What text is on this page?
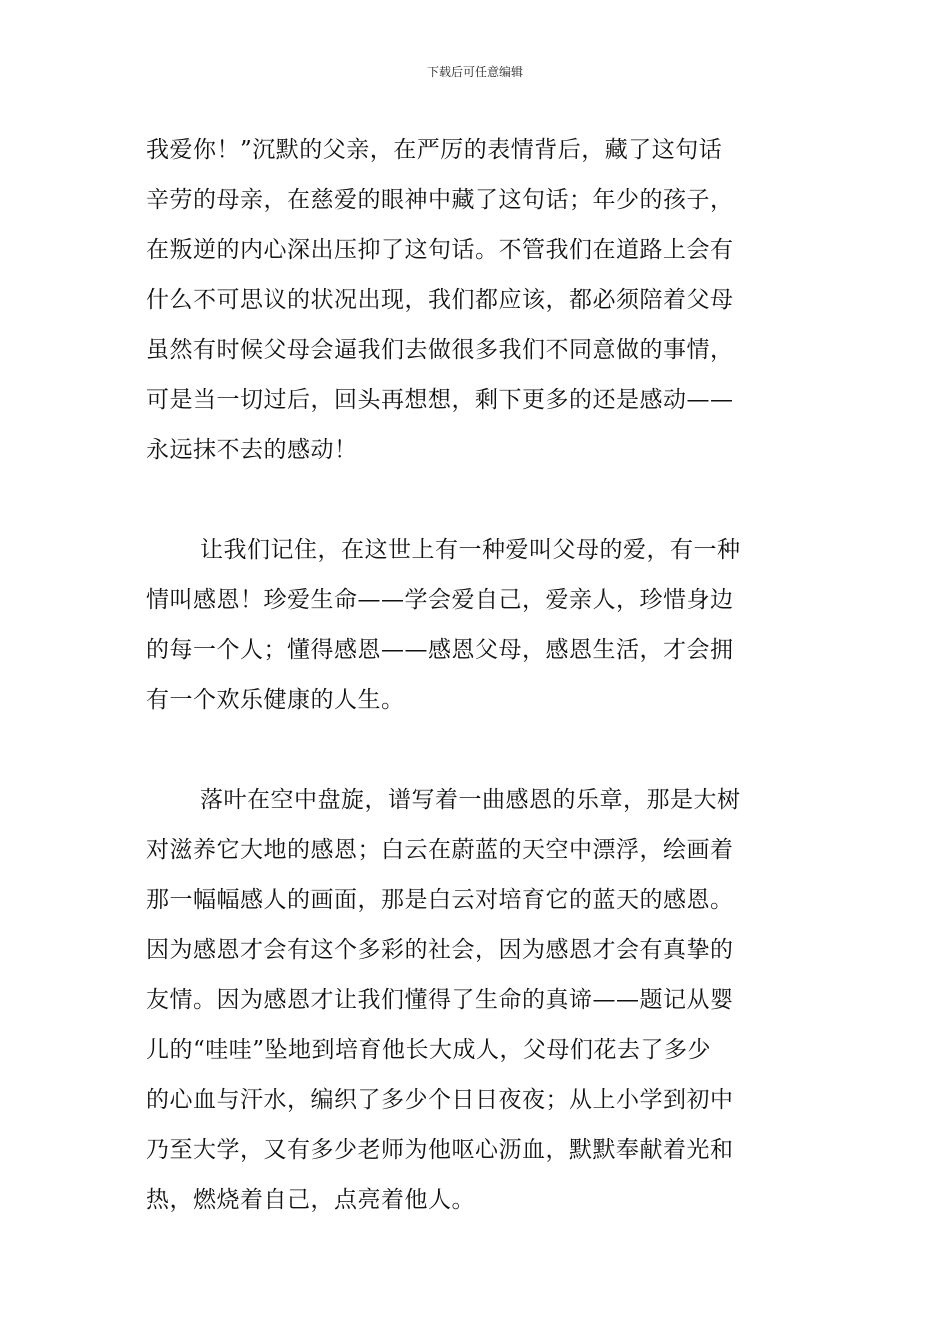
下载后可任意编辑
我爱你！”沉默的父亲，在严厉的表情背后，藏了这句话
辛劳的母亲，在慈爱的眼神中藏了这句话；年少的孩子，
在叛逆的内心深出压抑了这句话。不管我们在道路上会有
什么不可思议的状况出现，我们都应该，都必须陪着父母
虽然有时候父母会逼我们去做很多我们不同意做的事情，
可是当一切过后，回头再想想，剩下更多的还是感动——
永远抹不去的感动！
让我们记住，在这世上有一种爱叫父母的爱，有一种
情叫感恩！珍爱生命——学会爱自己，爱亲人，珍惜身边
的每一个人；懂得感恩——感恩父母，感恩生活，才会拥
有一个欢乐健康的人生。
落叶在空中盘旋，谱写着一曲感恩的乐章，那是大树
对滋养它大地的感恩；白云在蔚蓝的天空中漂浮，绘画着
那一幅幅感人的画面，那是白云对培育它的蓝天的感恩。
因为感恩才会有这个多彩的社会，因为感恩才会有真挚的
友情。因为感恩才让我们懂得了生命的真谛——题记从婴
儿的“哇哇”坠地到培育他长大成人，父母们花去了多少
的心血与汗水，编织了多少个日日夜夜；从上小学到初中
乃至大学，又有多少老师为他呕心沥血，默默奉献着光和
热，燃烧着自己，点亮着他人。
